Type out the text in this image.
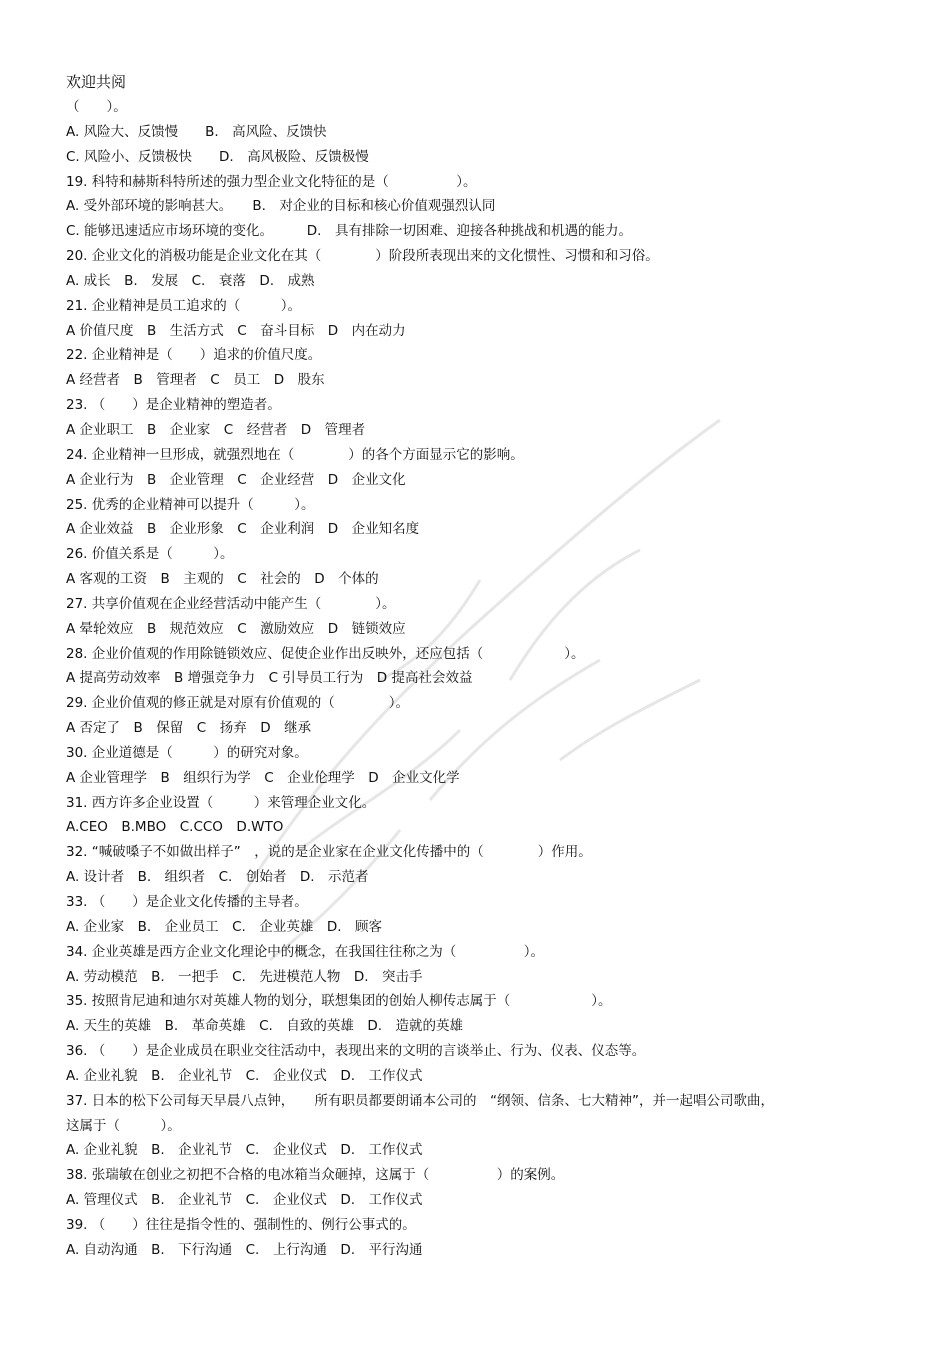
欢迎共阅
（　　）。
A. 风险大、反馈慢　　B.　高风险、反馈快
C. 风险小、反馈极快　　D.　高风极险、反馈极慢
19. 科特和赫斯科特所述的强力型企业文化特征的是（　　　　　）。
A. 受外部环境的影响甚大。　　B.　对企业的目标和核心价值观强烈认同
C. 能够迅速适应市场环境的变化。　　　D.　具有排除一切困难、迎接各种挑战和机遇的能力。
20. 企业文化的消极功能是企业文化在其（　　　　）阶段所表现出来的文化惯性、习惯和和习俗。
A. 成长　B.　发展　C.　衰落　D.　成熟
21. 企业精神是员工追求的（　　　）。
A 价值尺度　B　生活方式　C　奋斗目标　D　内在动力
22. 企业精神是（　　）追求的价值尺度。
A 经营者　B　管理者　C　员工　D　股东
23. （　　）是企业精神的塑造者。
A 企业职工　B　企业家　C　经营者　D　管理者
24. 企业精神一旦形成，就强烈地在（　　　　）的各个方面显示它的影响。
A 企业行为　B　企业管理　C　企业经营　D　企业文化
25. 优秀的企业精神可以提升（　　　）。
A 企业效益　B　企业形象　C　企业利润　D　企业知名度
26. 价值关系是（　　　）。
A 客观的工资　B　主观的　C　社会的　D　个体的
27. 共享价值观在企业经营活动中能产生（　　　　）。
A 晕轮效应　B　规范效应　C　激励效应　D　链锁效应
28. 企业价值观的作用除链锁效应、促使企业作出反映外，还应包括（　　　　　　）。
A 提高劳动效率　B 增强竞争力　C 引导员工行为　D 提高社会效益
29. 企业价值观的修正就是对原有价值观的（　　　　）。
A 否定了　B　保留　C　扬弃　D　继承
30. 企业道德是（　　　）的研究对象。
A 企业管理学　B　组织行为学　C　企业伦理学　D　企业文化学
31. 西方许多企业设置（　　　）来管理企业文化。
A.CEO　B.MBO　C.CCO　D.WTO
32. “喊破嗓子不如做出样子”　，说的是企业家在企业文化传播中的（　　　　）作用。
A. 设计者　B.　组织者　C.　创始者　D.　示范者
33. （　　）是企业文化传播的主导者。
A. 企业家　B.　企业员工　C.　企业英雄　D.　顾客
34. 企业英雄是西方企业文化理论中的概念，在我国往往称之为（　　　　　）。
A. 劳动模范　B.　一把手　C.　先进模范人物　D.　突击手
35. 按照肯尼迪和迪尔对英雄人物的划分，联想集团的创始人柳传志属于（　　　　　　）。
A. 天生的英雄　B.　革命英雄　C.　自致的英雄　D.　造就的英雄
36. （　　）是企业成员在职业交往活动中，表现出来的文明的言谈举止、行为、仪表、仪态等。
A. 企业礼貌　B.　企业礼节　C.　企业仪式　D.　工作仪式
37. 日本的松下公司每天早晨八点钟，　　所有职员都要朗诵本公司的　“纲领、信条、七大精神”，并一起唱公司歌曲，
这属于（　　　）。
A. 企业礼貌　B.　企业礼节　C.　企业仪式　D.　工作仪式
38. 张瑞敏在创业之初把不合格的电冰箱当众砸掉，这属于（　　　　　）的案例。
A. 管理仪式　B.　企业礼节　C.　企业仪式　D.　工作仪式
39. （　　）往往是指令性的、强制性的、例行公事式的。
A. 自动沟通　B.　下行沟通　C.　上行沟通　D.　平行沟通
